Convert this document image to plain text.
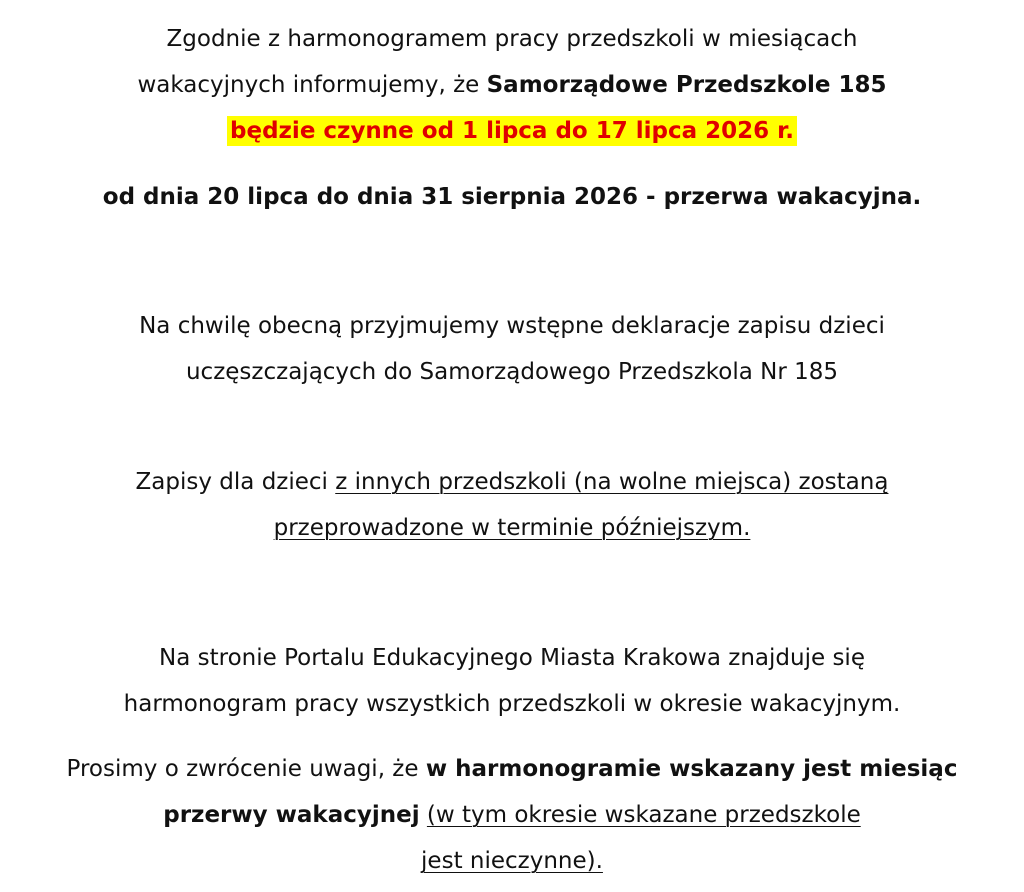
Zgodnie z harmonogramem pracy przedszkoli w miesiącach
wakacyjnych informujemy, że Samorządowe Przedszkole 185
będzie czynne od 1 lipca do 17 lipca 2026 r.
od dnia 20 lipca do dnia 31 sierpnia 2026 - przerwa wakacyjna.
Na chwilę obecną przyjmujemy wstępne deklaracje zapisu dzieci
uczęszczających do Samorządowego Przedszkola Nr 185
Zapisy dla dzieci z innych przedszkoli (na wolne miejsca) zostaną
przeprowadzone w terminie późniejszym.
Na stronie Portalu Edukacyjnego Miasta Krakowa znajduje się
harmonogram pracy wszystkich przedszkoli w okresie wakacyjnym.
Prosimy o zwrócenie uwagi, że w harmonogramie wskazany jest miesiąc
przerwy wakacyjnej (w tym okresie wskazane przedszkole
jest nieczynne).
